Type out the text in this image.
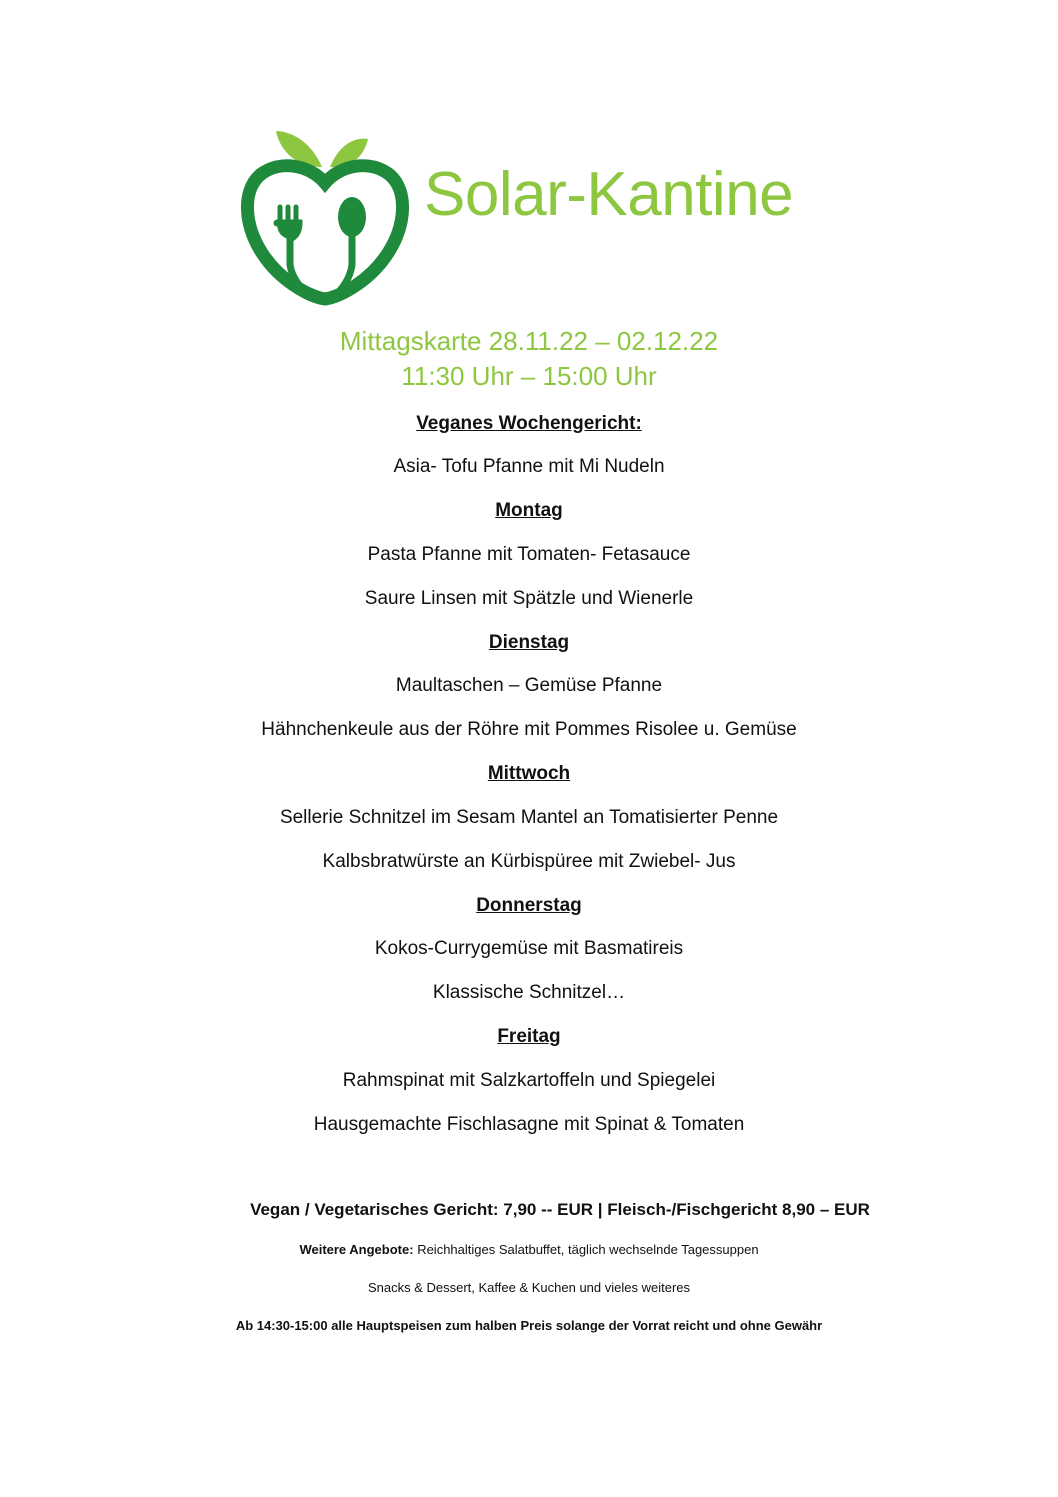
Solar-Kantine
Mittagskarte 28.11.22 – 02.12.22
11:30 Uhr – 15:00 Uhr
Veganes Wochengericht:
Asia- Tofu Pfanne mit Mi Nudeln
Montag
Pasta Pfanne mit Tomaten- Fetasauce
Saure Linsen mit Spätzle und Wienerle
Dienstag
Maultaschen – Gemüse Pfanne
Hähnchenkeule aus der Röhre mit Pommes Risolee u. Gemüse
Mittwoch
Sellerie Schnitzel im Sesam Mantel an Tomatisierter Penne
Kalbsbratwürste an Kürbispüree mit Zwiebel- Jus
Donnerstag
Kokos-Currygemüse mit Basmatireis
Klassische Schnitzel…
Freitag
Rahmspinat mit Salzkartoffeln und Spiegelei
Hausgemachte Fischlasagne mit Spinat & Tomaten
Vegan / Vegetarisches Gericht: 7,90 -- EUR | Fleisch-/Fischgericht 8,90 – EUR
Weitere Angebote: Reichhaltiges Salatbuffet, täglich wechselnde Tagessuppen
Snacks & Dessert, Kaffee & Kuchen und vieles weiteres
Ab 14:30-15:00 alle Hauptspeisen zum halben Preis solange der Vorrat reicht und ohne Gewähr
